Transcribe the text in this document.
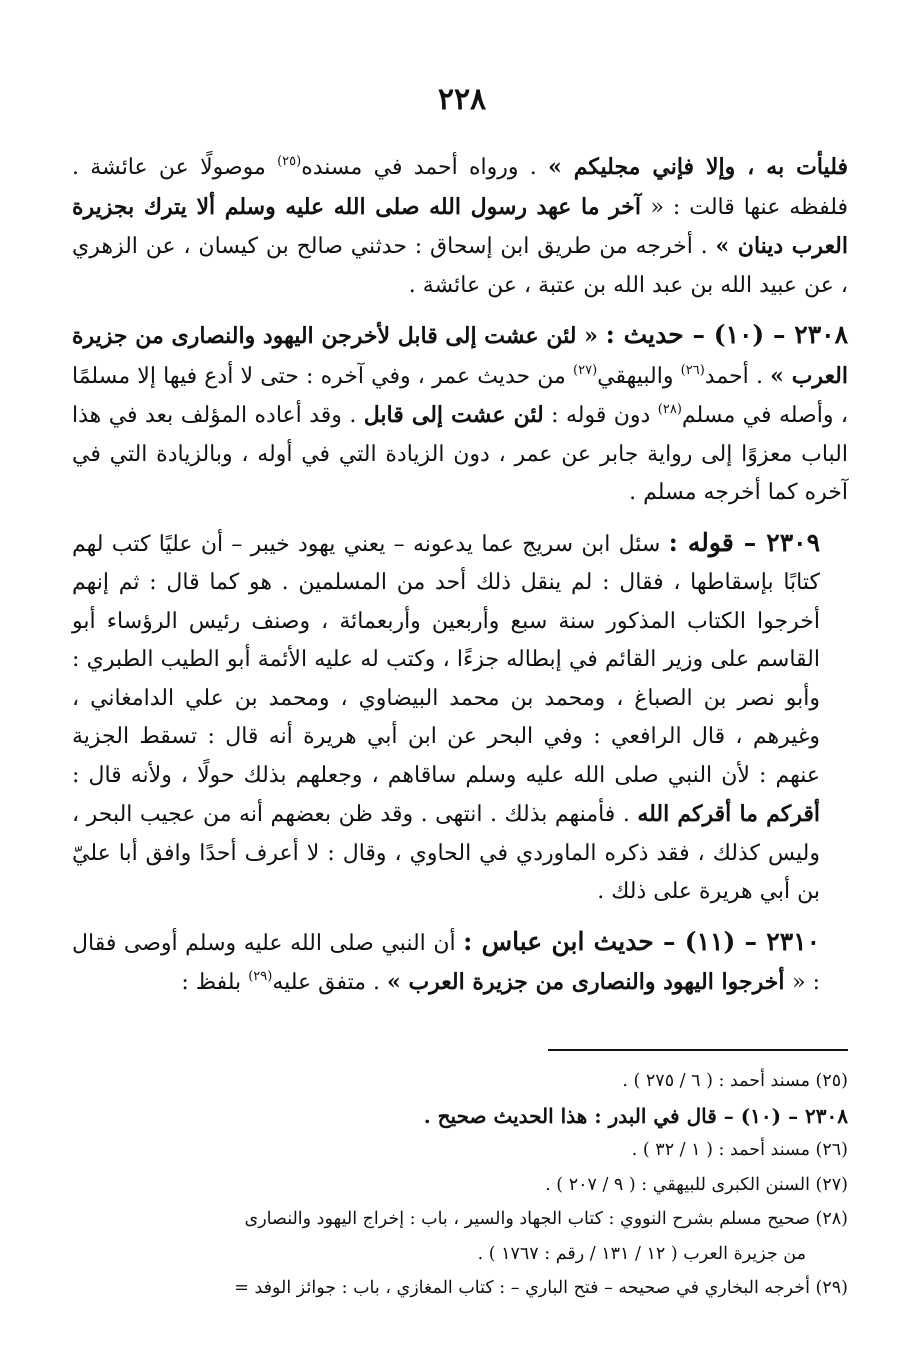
٢٢٨

فليأت به ، وإلا فإني مجليكم » . ورواه أحمد في مسنده$^{(٢٥)}$ موصولًا عن عائشة . فلفظه عنها قالت : « آخر ما عهد رسول الله صلى الله عليه وسلم ألا يترك بجزيرة العرب دينان » . أخرجه من طريق ابن إسحاق : حدثني صالح بن كيسان ، عن الزهري ، عن عبيد الله بن عبد الله بن عتبة ، عن عائشة .

٢٣٠٨ – (١٠) – حديث : « لئن عشت إلى قابل لأخرجن اليهود والنصارى من جزيرة العرب » . أحمد$^{(٢٦)}$ والبيهقي$^{(٢٧)}$ من حديث عمر ، وفي آخره : حتى لا أدع فيها إلا مسلمًا ، وأصله في مسلم$^{(٢٨)}$ دون قوله : لئن عشت إلى قابل . وقد أعاده المؤلف بعد في هذا الباب معزوًا إلى رواية جابر عن عمر ، دون الزيادة التي في أوله ، وبالزيادة التي في آخره كما أخرجه مسلم .

٢٣٠٩ – قوله : سئل ابن سريج عما يدعونه – يعني يهود خيبر – أن عليًا كتب لهم كتابًا بإسقاطها ، فقال : لم ينقل ذلك أحد من المسلمين . هو كما قال : ثم إنهم أخرجوا الكتاب المذكور سنة سبع وأربعين وأربعمائة ، وصنف رئيس الرؤساء أبو القاسم على وزير القائم في إبطاله جزءًا ، وكتب له عليه الأئمة أبو الطيب الطبري : وأبو نصر بن الصباغ ، ومحمد بن محمد البيضاوي ، ومحمد بن علي الدامغاني ، وغيرهم ، قال الرافعي : وفي البحر عن ابن أبي هريرة أنه قال : تسقط الجزية عنهم : لأن النبي صلى الله عليه وسلم ساقاهم ، وجعلهم بذلك حولًا ، ولأنه قال : أقركم ما أقركم الله . فأمنهم بذلك . انتهى . وقد ظن بعضهم أنه من عجيب البحر ، وليس كذلك ، فقد ذكره الماوردي في الحاوي ، وقال : لا أعرف أحدًا وافق أبا عليّ بن أبي هريرة على ذلك .

٢٣١٠ – (١١) – حديث ابن عباس : أن النبي صلى الله عليه وسلم أوصى فقال : « أخرجوا اليهود والنصارى من جزيرة العرب » . متفق عليه$^{(٢٩)}$ بلفظ :

(٢٥) مسند أحمد : ( ٦ / ٢٧٥ ) .

٢٣٠٨ – (١٠) – قال في البدر : هذا الحديث صحيح .

(٢٦) مسند أحمد : ( ١ / ٣٢ ) .

(٢٧) السنن الكبرى للبيهقي : ( ٩ / ٢٠٧ ) .

(٢٨) صحيح مسلم بشرح النووي : كتاب الجهاد والسير ، باب : إخراج اليهود والنصارى

من جزيرة العرب ( ١٢ / ١٣١ / رقم : ١٧٦٧ ) .

(٢٩) أخرجه البخاري في صحيحه – فتح الباري – : كتاب المغازي ، باب : جوائز الوفد =
